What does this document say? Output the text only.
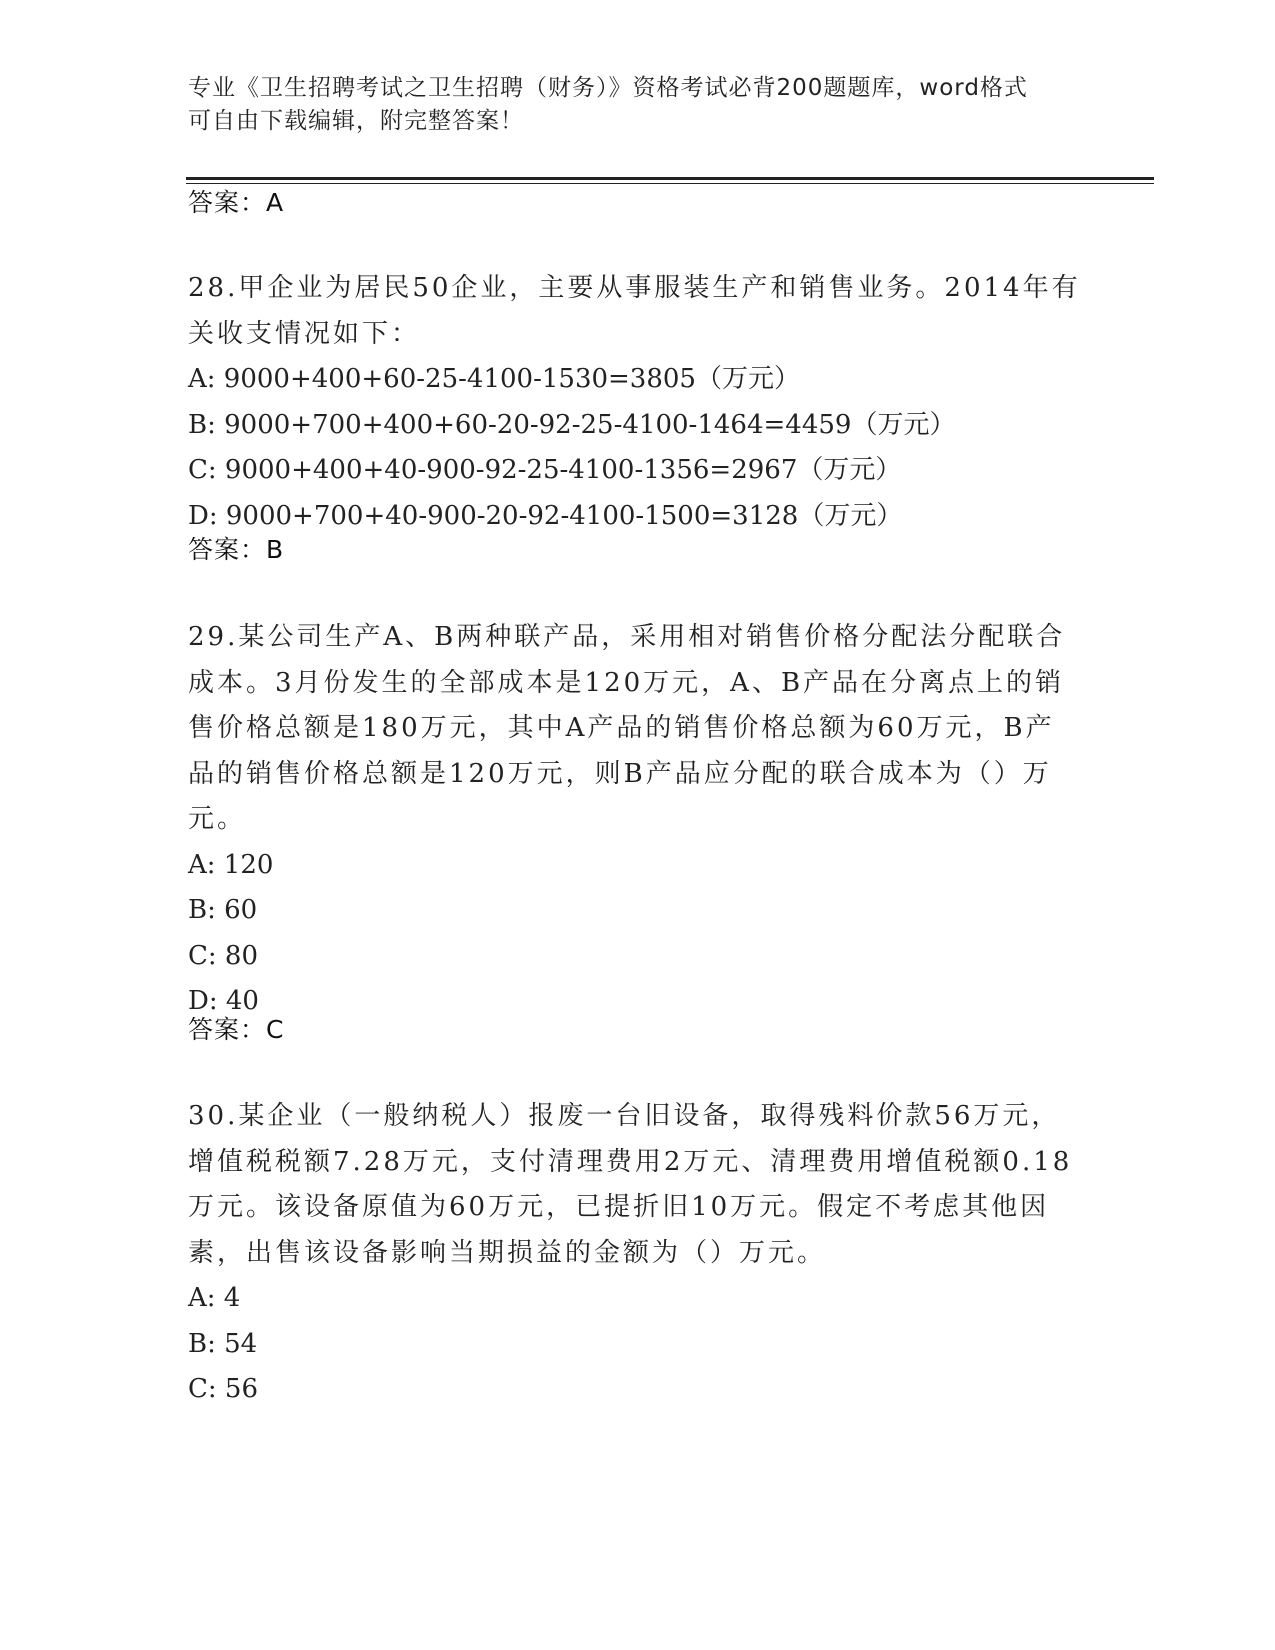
专业《卫生招聘考试之卫生招聘（财务）》资格考试必背200题题库，word格式
可自由下载编辑，附完整答案！
答案：A
28.甲企业为居民50企业，主要从事服装生产和销售业务。2014年有
关收支情况如下：
A: 9000+400+60-25-4100-1530=3805（万元）
B: 9000+700+400+60-20-92-25-4100-1464=4459（万元）
C: 9000+400+40-900-92-25-4100-1356=2967（万元）
D: 9000+700+40-900-20-92-4100-1500=3128（万元）
答案：B
29.某公司生产A、B两种联产品，采用相对销售价格分配法分配联合
成本。3月份发生的全部成本是120万元，A、B产品在分离点上的销
售价格总额是180万元，其中A产品的销售价格总额为60万元，B产
品的销售价格总额是120万元，则B产品应分配的联合成本为（）万
元。
A: 120
B: 60
C: 80
D: 40
答案：C
30.某企业（一般纳税人）报废一台旧设备，取得残料价款56万元，
增值税税额7.28万元，支付清理费用2万元、清理费用增值税额0.18
万元。该设备原值为60万元，已提折旧10万元。假定不考虑其他因
素，出售该设备影响当期损益的金额为（）万元。
A: 4
B: 54
C: 56
